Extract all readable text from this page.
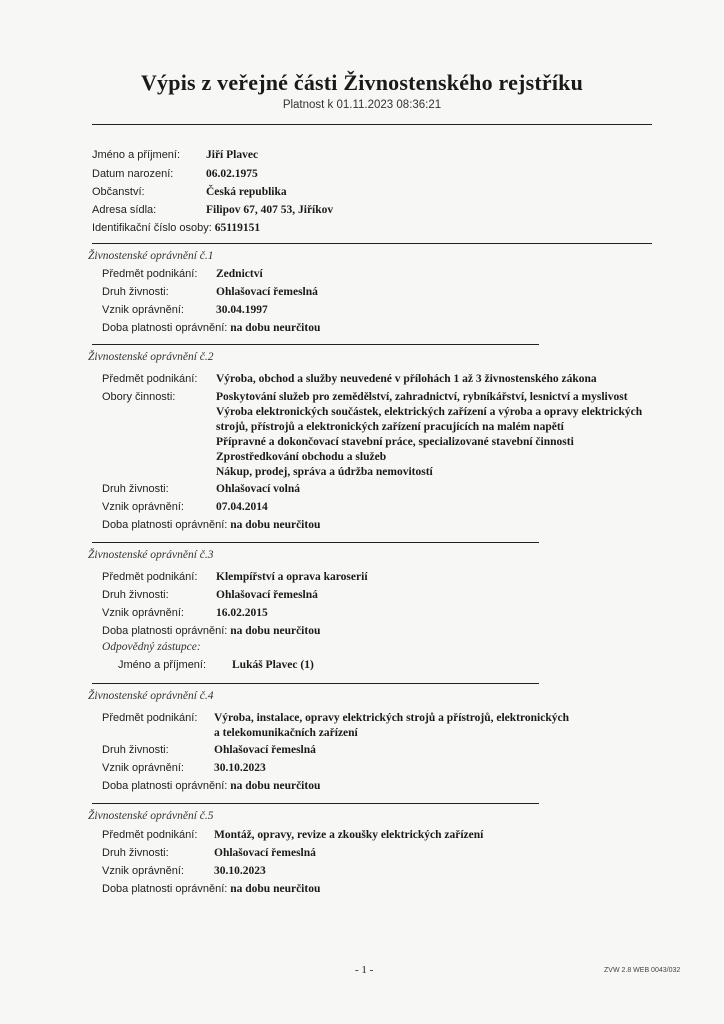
Výpis z veřejné části Živnostenského rejstříku
Platnost k 01.11.2023 08:36:21
Jméno a příjmení: Jiří Plavec
Datum narození:	06.02.1975
Občanství:	Česká republika
Adresa sídla:	Filipov 67, 407 53, Jiříkov
Identifikační číslo osoby: 65119151
Živnostenské oprávnění č.1
Předmět podnikání: Zednictví
Druh živnosti:	Ohlašovací řemeslná
Vznik oprávnění:	30.04.1997
Doba platnosti oprávnění: na dobu neurčitou
Živnostenské oprávnění č.2
Předmět podnikání: Výroba, obchod a služby neuvedené v přílohách 1 až 3 živnostenského zákona
Obory činnosti:	Poskytování služeb pro zemědělství, zahradnictví, rybníkářství, lesnictví a myslivost
Výroba elektronických součástek, elektrických zařízení a výroba a opravy elektrických
strojů, přístrojů a elektronických zařízení pracujících na malém napětí
Přípravné a dokončovací stavební práce, specializované stavební činnosti
Zprostředkování obchodu a služeb
Nákup, prodej, správa a údržba nemovitostí
Druh živnosti:	Ohlašovací volná
Vznik oprávnění:	07.04.2014
Doba platnosti oprávnění: na dobu neurčitou
Živnostenské oprávnění č.3
Předmět podnikání: Klempířství a oprava karoserií
Druh živnosti:	Ohlašovací řemeslná
Vznik oprávnění:	16.02.2015
Doba platnosti oprávnění: na dobu neurčitou
Odpovědný zástupce:
Jméno a příjmení: Lukáš Plavec (1)
Živnostenské oprávnění č.4
Předmět podnikání: Výroba, instalace, opravy elektrických strojů a přístrojů, elektronických
a telekomunikačních zařízení
Druh živnosti:	Ohlašovací řemeslná
Vznik oprávnění:	30.10.2023
Doba platnosti oprávnění: na dobu neurčitou
Živnostenské oprávnění č.5
Předmět podnikání: Montáž, opravy, revize a zkoušky elektrických zařízení
Druh živnosti:	Ohlašovací řemeslná
Vznik oprávnění:	30.10.2023
Doba platnosti oprávnění: na dobu neurčitou
- 1 -	ZVW 2.8 WEB 0043/032
